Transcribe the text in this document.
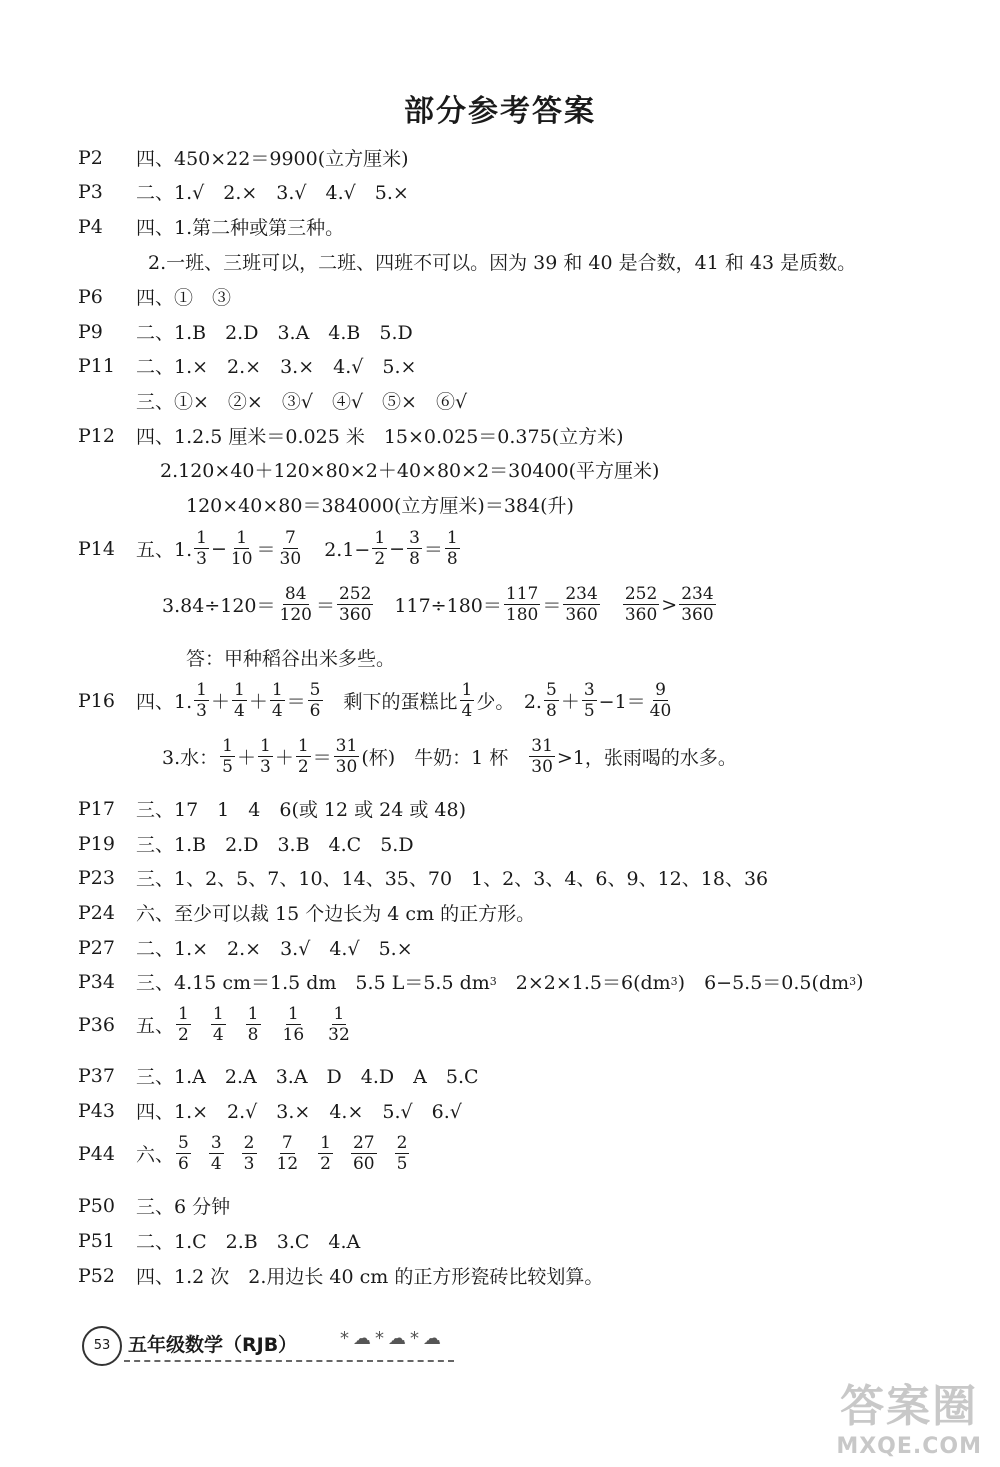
部分参考答案
P2	四、450×22＝9900(立方厘米)
P3	二、1.√　2.×　3.√　4.√　5.×
P4	四、1.第二种或第三种。
2.一班、三班可以，二班、四班不可以。因为 39 和 40 是合数，41 和 43 是质数。
P6	四、①　③
P9	二、1.B　2.D　3.A　4.B　5.D
P11	二、1.×　2.×　3.×　4.√　5.×
三、①×　②×　③√　④√　⑤×　⑥√
P12	四、1.2.5 厘米＝0.025 米　15×0.025＝0.375(立方米)
2.120×40＋120×80×2＋40×80×2＝30400(平方厘米)
120×40×80＝384000(立方厘米)＝384(升)
P14	五、1. $\frac{1}{3} - \frac{1}{10} = \frac{7}{30}$ 　$2.1- \frac{1}{2} - \frac{3}{8} = \frac{1}{8}$
$3.84\div 120= \frac{84}{120} = \frac{252}{360}$ 　$117\div 180= \frac{117}{180} = \frac{234}{360}$
　 $\frac{252}{360} > \frac{234}{360}$
答：甲种稻谷出米多些。
P16	四、1. $\frac{1}{3} + \frac{1}{4} + \frac{1}{4} = \frac{5}{6}$ 　剩下的蛋糕比 $\frac{1}{4}$ 少。　2. $\frac{5}{8} + \frac{3}{5} -1= \frac{9}{40}$
3.水： $\frac{1}{5} + \frac{1}{3} + \frac{1}{2} = \frac{31}{30}$ (杯)　牛奶：1 杯　 $\frac{31}{30} >1$，张雨喝的水多。
P17	三、17　1　4　6(或 12 或 24 或 48)
P19	三、1.B　2.D　3.B　4.C　5.D
P23	三、1、2、5、7、10、14、35、70　1、2、3、4、6、9、12、18、36
P24	六、至少可以裁 15 个边长为 4 cm 的正方形。
P27	二、1.×　2.×　3.√　4.√　5.×
P34	三、4.15 cm＝1.5 dm　5.5 L＝5.5 dm 3 　2×2×1.5＝6(dm 3 )　6−5.5＝0.5(dm 3 )
P36	五、 $\frac{1}{2} \frac{1}{4} \frac{1}{8} \frac{1}{16} \frac{1}{32}$
P37	三、1.A　2.A　3.A　D　4.D　A　5.C
P43	四、1.×　2.√　3.×　4.×　5.√　6.√
P44	六、 $\frac{5}{6} \frac{3}{4} \frac{2}{3} \frac{7}{12} \frac{1}{2} \frac{27}{60} \frac{2}{5}$
P50	三、6 分钟
P51	二、1.C　2.B　3.C　4.A
P52	四、1.2 次　2.用边长 40 cm 的正方形瓷砖比较划算。
53 五年级数学（RJB） *☁*☁*☁
答案圈
MXQE.COM
